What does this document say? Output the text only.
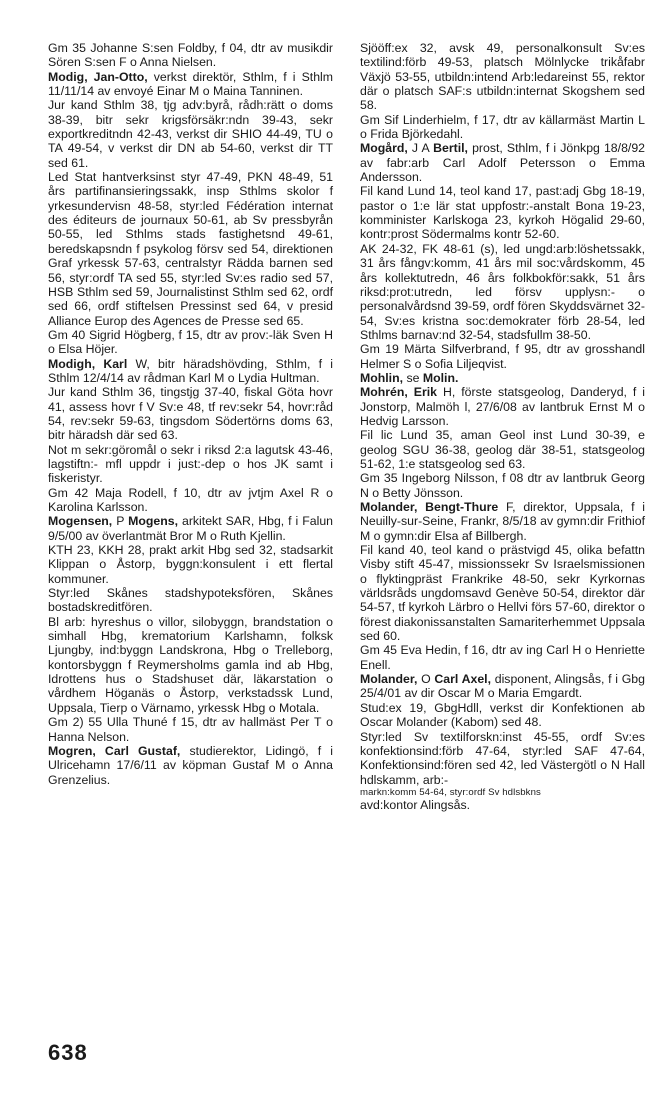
Gm 35 Johanne S:sen Foldby, f 04, dtr av musikdir Sören S:sen F o Anna Nielsen.

Modig, Jan-Otto, verkst direktör, Sthlm, f i Sthlm 11/11/14 av envoyé Einar M o Maina Tanninen.

Jur kand Sthlm 38, tjg adv:byrå, rådh:rätt o doms 38-39, bitr sekr krigsförsäkr:ndn 39-43, sekr exportkreditndn 42-43, verkst dir SHIO 44-49, TU o TA 49-54, v verkst dir DN ab 54-60, verkst dir TT sed 61.

Led Stat hantverksinst styr 47-49, PKN 48-49, 51 års partifinansieringssakk, insp Sthlms skolor f yrkesundervisn 48-58, styr:led Fédération internat des éditeurs de journaux 50-61, ab Sv pressbyrån 50-55, led Sthlms stads fastighetsnd 49-61, beredskapsndn f psykolog försv sed 54, direktionen Graf yrkessk 57-63, centralstyr Rädda barnen sed 56, styr:ordf TA sed 55, styr:led Sv:es radio sed 57, HSB Sthlm sed 59, Journalistinst Sthlm sed 62, ordf sed 66, ordf stiftelsen Pressinst sed 64, v presid Alliance Europ des Agences de Presse sed 65.

Gm 40 Sigrid Högberg, f 15, dtr av prov:-läk Sven H o Elsa Höjer.

Modigh, Karl W, bitr häradshövding, Sthlm, f i Sthlm 12/4/14 av rådman Karl M o Lydia Hultman.

Jur kand Sthlm 36, tingstjg 37-40, fiskal Göta hovr 41, assess hovr f V Sv:e 48, tf rev:sekr 54, hovr:råd 54, rev:sekr 59-63, tingsdom Södertörns doms 63, bitr häradsh där sed 63.

Not m sekr:göromål o sekr i riksd 2:a lagutsk 43-46, lagstiftn:- mfl uppdr i just:-dep o hos JK samt i fiskeristyr.

Gm 42 Maja Rodell, f 10, dtr av jvtjm Axel R o Karolina Karlsson.

Mogensen, P Mogens, arkitekt SAR, Hbg, f i Falun 9/5/00 av överlantmät Bror M o Ruth Kjellin.

KTH 23, KKH 28, prakt arkit Hbg sed 32, stadsarkit Klippan o Åstorp, byggn:konsulent i ett flertal kommuner.

Styr:led Skånes stadshypoteksfören, Skånes bostadskreditfören.

Bl arb: hyreshus o villor, silobyggn, brandstation o simhall Hbg, krematorium Karlshamn, folksk Ljungby, ind:byggn Landskrona, Hbg o Trelleborg, kontorsbyggn f Reymersholms gamla ind ab Hbg, Idrottens hus o Stadshuset där, läkarstation o vårdhem Höganäs o Åstorp, verkstadssk Lund, Uppsala, Tierp o Värnamo, yrkessk Hbg o Motala.

Gm 2) 55 Ulla Thuné f 15, dtr av hallmäst Per T o Hanna Nelson.

Mogren, Carl Gustaf, studierektor, Lidingö, f i Ulricehamn 17/6/11 av köpman Gustaf M o Anna Grenzelius.

Sjööff:ex 32, avsk 49, personalkonsult Sv:es textilind:förb 49-53, platsch Mölnlycke trikåfabr Växjö 53-55, utbildn:intend Arb:ledareinst 55, rektor där o platsch SAF:s utbildn:internat Skogshem sed 58.

Gm Sif Linderhielm, f 17, dtr av källarmäst Martin L o Frida Björkedahl.

Mogård, J A Bertil, prost, Sthlm, f i Jönkpg 18/8/92 av fabr:arb Carl Adolf Petersson o Emma Andersson.

Fil kand Lund 14, teol kand 17, past:adj Gbg 18-19, pastor o 1:e lär stat uppfostr:-anstalt Bona 19-23, komminister Karlskoga 23, kyrkoh Högalid 29-60, kontr:prost Södermalms kontr 52-60.

AK 24-32, FK 48-61 (s), led ungd:arb:löshetssakk, 31 års fångv:komm, 41 års mil soc:vårdskomm, 45 års kollektutredn, 46 års folkbokför:sakk, 51 års riksd:prot:utredn, led försv upplysn:- o personalvårdsnd 39-59, ordf fören Skyddsvärnet 32-54, Sv:es kristna soc:demokrater förb 28-54, led Sthlms barnav:nd 32-54, stadsfullm 38-50.

Gm 19 Märta Silfverbrand, f 95, dtr av grosshandl Helmer S o Sofia Liljeqvist.

Mohlin, se Molin.

Mohrén, Erik H, förste statsgeolog, Danderyd, f i Jonstorp, Malmöh l, 27/6/08 av lantbruk Ernst M o Hedvig Larsson.

Fil lic Lund 35, aman Geol inst Lund 30-39, e geolog SGU 36-38, geolog där 38-51, statsgeolog 51-62, 1:e statsgeolog sed 63.

Gm 35 Ingeborg Nilsson, f 08 dtr av lantbruk Georg N o Betty Jönsson.

Molander, Bengt-Thure F, direktor, Uppsala, f i Neuilly-sur-Seine, Frankr, 8/5/18 av gymn:dir Frithiof M o gymn:dir Elsa af Billbergh.

Fil kand 40, teol kand o prästvigd 45, olika befattn Visby stift 45-47, missionssekr Sv Israelsmissionen o flyktingpräst Frankrike 48-50, sekr Kyrkornas världsråds ungdomsavd Genève 50-54, direktor där 54-57, tf kyrkoh Lärbro o Hellvi förs 57-60, direktor o förest diakonissanstalten Samariterhemmet Uppsala sed 60.

Gm 45 Eva Hedin, f 16, dtr av ing Carl H o Henriette Enell.

Molander, O Carl Axel, disponent, Alingsås, f i Gbg 25/4/01 av dir Oscar M o Maria Emgardt.

Stud:ex 19, GbgHdll, verkst dir Konfektionen ab Oscar Molander (Kabom) sed 48.

Styr:led Sv textilforskn:inst 45-55, ordf Sv:es konfektionsind:förb 47-64, styr:led SAF 47-64, Konfektionsind:fören sed 42, led Västergötl o N Hall hdlskamm, arb:-

markn:komm 54-64, styr:ordf Sv hdlsbkns

avd:kontor Alingsås.

638
